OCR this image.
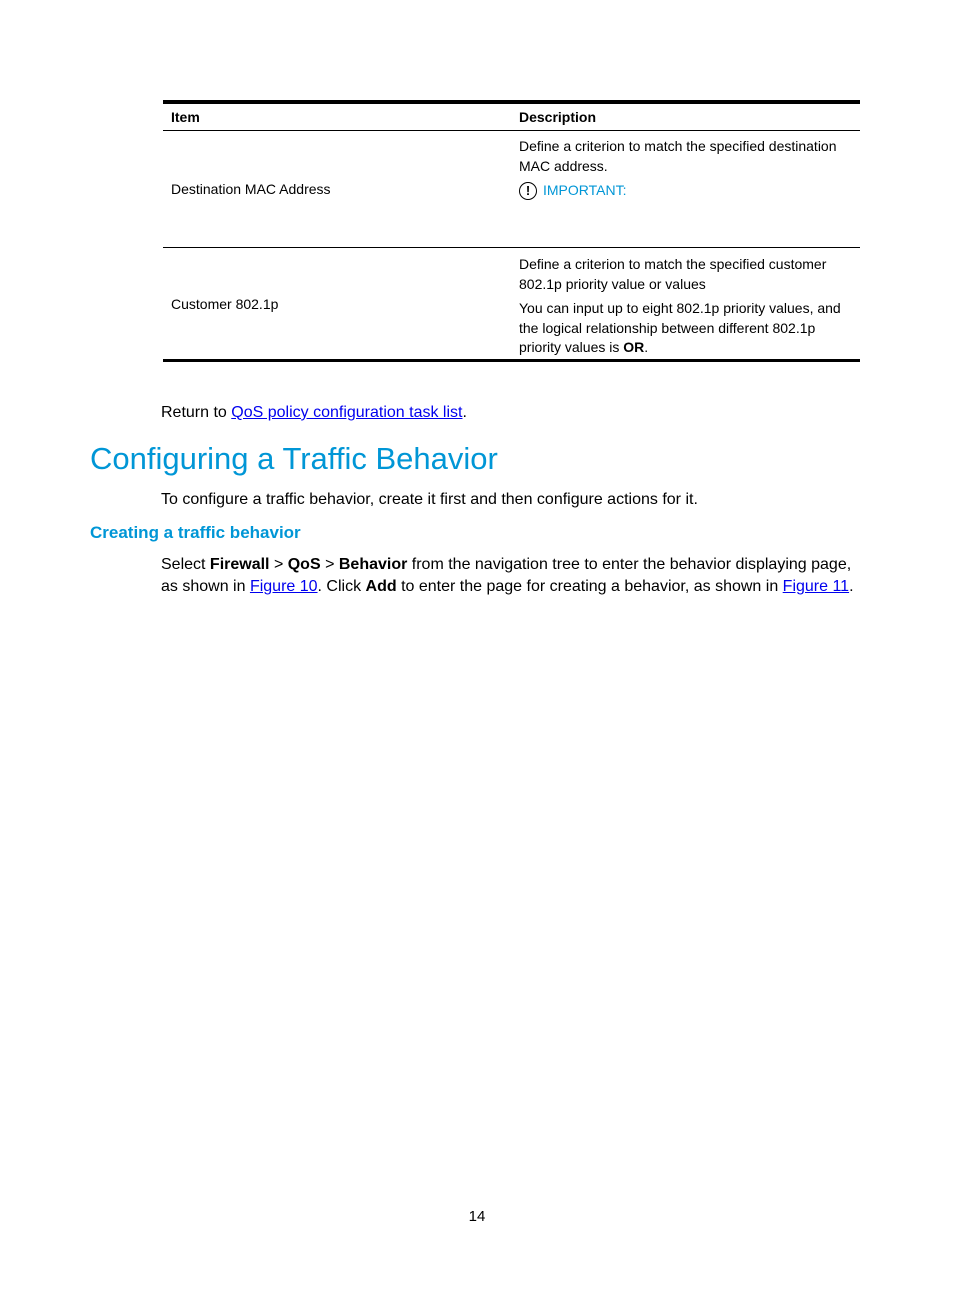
Item	Description
Destination MAC Address

Define a criterion to match the specified destination MAC address.

! IMPORTANT:
Customer 802.1p

Define a criterion to match the specified customer 802.1p priority value or values

You can input up to eight 802.1p priority values, and the logical relationship between different 802.1p priority values is OR.

Return to QoS policy configuration task list.
Configuring a Traffic Behavior
To configure a traffic behavior, create it first and then configure actions for it.
Creating a traffic behavior
Select Firewall > QoS > Behavior from the navigation tree to enter the behavior displaying page, as shown in Figure 10. Click Add to enter the page for creating a behavior, as shown in Figure 11.
14
